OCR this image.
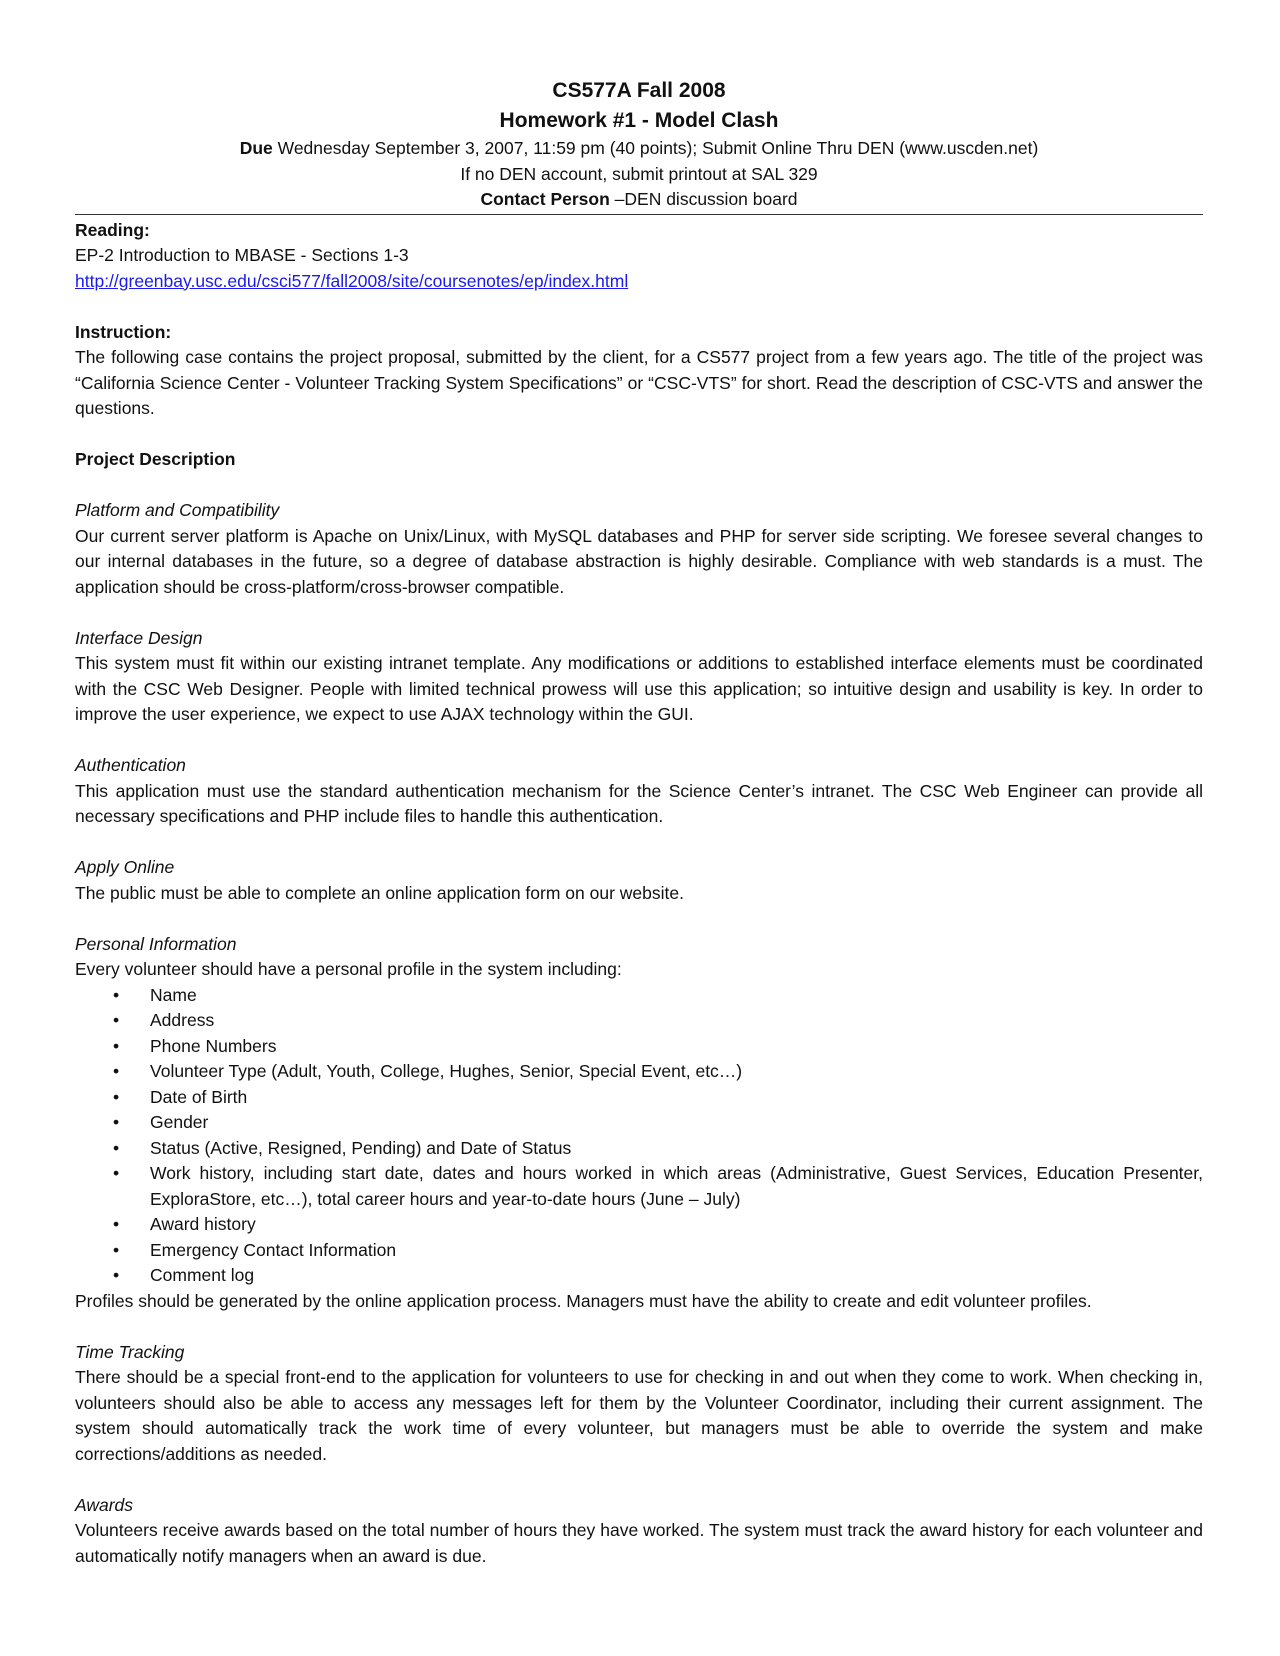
CS577A Fall 2008
Homework #1 - Model Clash
Due Wednesday September 3, 2007, 11:59 pm (40 points); Submit Online Thru DEN (www.uscden.net)
If no DEN account, submit printout at SAL 329
Contact Person –DEN discussion board
Reading:
EP-2 Introduction to MBASE - Sections 1-3
http://greenbay.usc.edu/csci577/fall2008/site/coursenotes/ep/index.html
Instruction:

The following case contains the project proposal, submitted by the client, for a CS577 project from a few years ago. The title of the project was “California Science Center - Volunteer Tracking System Specifications” or “CSC-VTS” for short. Read the description of CSC-VTS and answer the questions.

Project Description
Platform and Compatibility

Our current server platform is Apache on Unix/Linux, with MySQL databases and PHP for server side scripting. We foresee several changes to our internal databases in the future, so a degree of database abstraction is highly desirable. Compliance with web standards is a must. The application should be cross-platform/cross-browser compatible.

Interface Design

This system must fit within our existing intranet template. Any modifications or additions to established interface elements must be coordinated with the CSC Web Designer. People with limited technical prowess will use this application; so intuitive design and usability is key. In order to improve the user experience, we expect to use AJAX technology within the GUI.

Authentication

This application must use the standard authentication mechanism for the Science Center’s intranet. The CSC Web Engineer can provide all necessary specifications and PHP include files to handle this authentication.

Apply Online

The public must be able to complete an online application form on our website.

Personal Information
Every volunteer should have a personal profile in the system including:
• Name
• Address
• Phone Numbers
• Volunteer Type (Adult, Youth, College, Hughes, Senior, Special Event, etc…)
• Date of Birth
• Gender
• Status (Active, Resigned, Pending) and Date of Status
• Work history, including start date, dates and hours worked in which areas (Administrative, Guest Services, Education Presenter, ExploraStore, etc…), total career hours and year-to-date hours (June – July)
• Award history
• Emergency Contact Information
• Comment log

Profiles should be generated by the online application process. Managers must have the ability to create and edit volunteer profiles.

Time Tracking

There should be a special front-end to the application for volunteers to use for checking in and out when they come to work. When checking in, volunteers should also be able to access any messages left for them by the Volunteer Coordinator, including their current assignment. The system should automatically track the work time of every volunteer, but managers must be able to override the system and make corrections/additions as needed.

Awards

Volunteers receive awards based on the total number of hours they have worked. The system must track the award history for each volunteer and automatically notify managers when an award is due.
